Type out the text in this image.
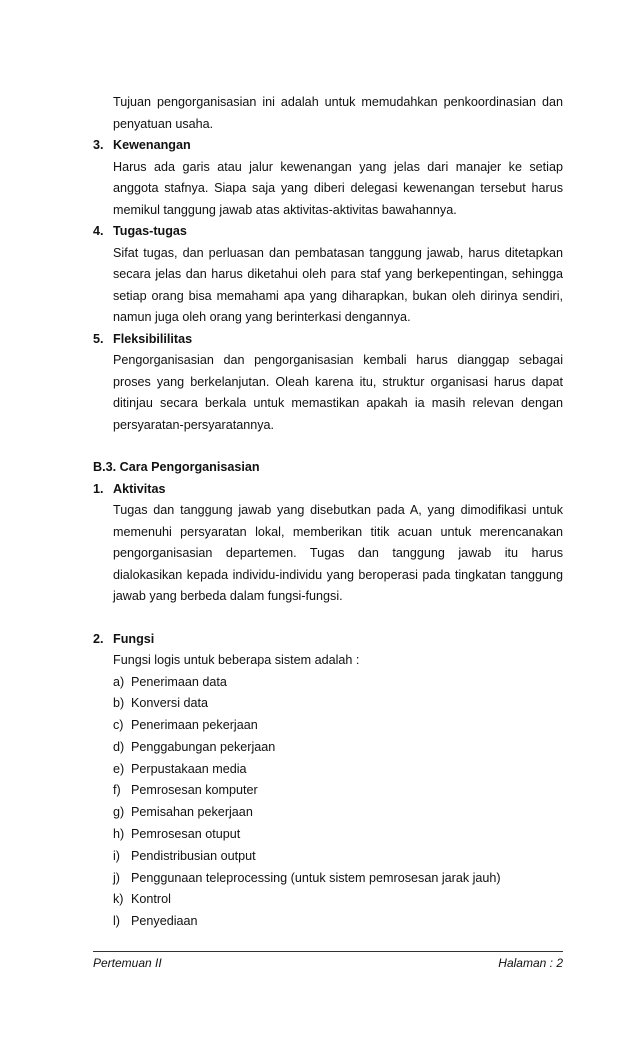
Tujuan pengorganisasian ini adalah untuk memudahkan penkoordinasian dan

penyatuan usaha.

3. Kewenangan

Harus ada garis atau jalur kewenangan yang jelas dari manajer ke setiap

anggota stafnya. Siapa saja yang diberi delegasi kewenangan tersebut harus

memikul tanggung jawab atas aktivitas-aktivitas bawahannya.

4. Tugas-tugas

Sifat tugas, dan perluasan dan pembatasan tanggung jawab, harus ditetapkan

secara jelas dan harus diketahui oleh para staf yang berkepentingan, sehingga

setiap orang bisa memahami apa yang diharapkan, bukan oleh dirinya sendiri,

namun juga oleh orang yang berinterkasi dengannya.

5. Fleksibililitas

Pengorganisasian dan pengorganisasian kembali harus dianggap sebagai

proses yang berkelanjutan. Oleah karena itu, struktur organisasi harus dapat

ditinjau secara berkala untuk memastikan apakah ia masih relevan dengan

persyaratan-persyaratannya.

B.3. Cara Pengorganisasian

1. Aktivitas

Tugas dan tanggung jawab yang disebutkan pada A, yang dimodifikasi untuk

memenuhi persyaratan lokal, memberikan titik acuan untuk merencanakan

pengorganisasian departemen. Tugas dan tanggung jawab itu harus

dialokasikan kepada individu-individu yang beroperasi pada tingkatan tanggung

jawab yang berbeda dalam fungsi-fungsi.

2. Fungsi

Fungsi logis untuk beberapa sistem adalah :

a) Penerimaan data
b) Konversi data
c) Penerimaan pekerjaan
d) Penggabungan pekerjaan
e) Perpustakaan media
f) Pemrosesan komputer
g) Pemisahan pekerjaan
h) Pemrosesan otuput
i) Pendistribusian output
j) Penggunaan teleprocessing (untuk sistem pemrosesan jarak jauh)
k) Kontrol
l) Penyediaan
Pertemuan II	Halaman : 2
